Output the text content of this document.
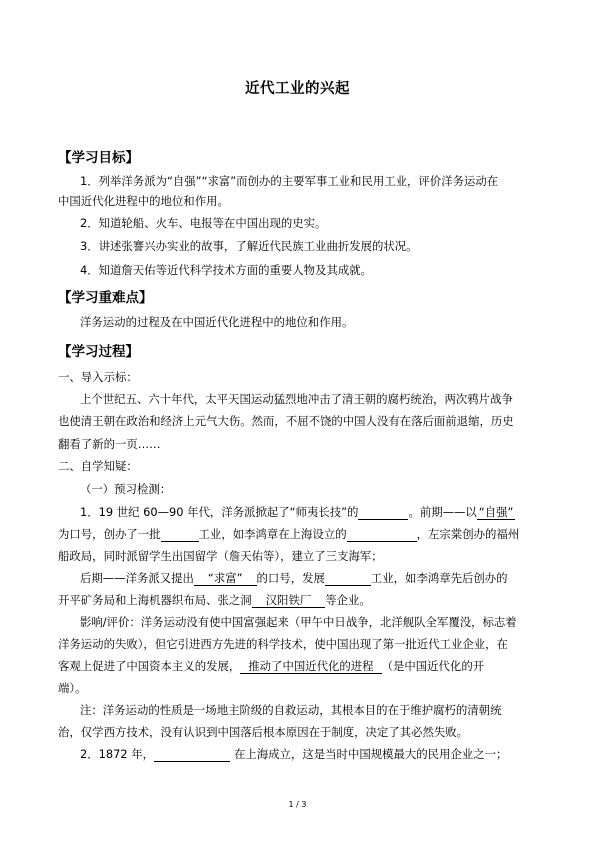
近代工业的兴起
【学习目标】
1．列举洋务派为“自强”“求富”而创办的主要军事工业和民用工业，评价洋务运动在
中国近代化进程中的地位和作用。
2．知道轮船、火车、电报等在中国出现的史实。
3．讲述张謇兴办实业的故事，了解近代民族工业曲折发展的状况。
4．知道詹天佑等近代科学技术方面的重要人物及其成就。
【学习重难点】
洋务运动的过程及在中国近代化进程中的地位和作用。
【学习过程】
一、导入示标：
上个世纪五、六十年代，太平天国运动猛烈地冲击了清王朝的腐朽统治，两次鸦片战争
也使清王朝在政治和经济上元气大伤。然而，不屈不饶的中国人没有在落后面前退缩，历史
翻看了新的一页……
二、自学知疑：
（一）预习检测：
1．19 世纪 60—90 年代，洋务派掀起了“师夷长技”的	。前期——以 “自强”
为口号，创办了一批	工业，如李鸿章在上海设立的	，左宗棠创办的福州
船政局，同时派留学生出国留学（詹天佑等），建立了三支海军；
后期——洋务派又提出 “求富” 的口号，发展	工业，如李鸿章先后创办的
开平矿务局和上海机器织布局、张之洞 汉阳铁厂 等企业。
影响/评价：洋务运动没有使中国富强起来（甲午中日战争，北洋舰队全军覆没，标志着
洋务运动的失败），但它引进西方先进的科学技术，使中国出现了第一批近代工业企业，在
客观上促进了中国资本主义的发展， 推动了中国近代化的进程 （是中国近代化的开
端）。
注：洋务运动的性质是一场地主阶级的自救运动，其根本目的在于维护腐朽的清朝统
治，仅学西方技术，没有认识到中国落后根本原因在于制度，决定了其必然失败。
2．1872 年，	在上海成立，这是当时中国规模最大的民用企业之一；
1 / 3
